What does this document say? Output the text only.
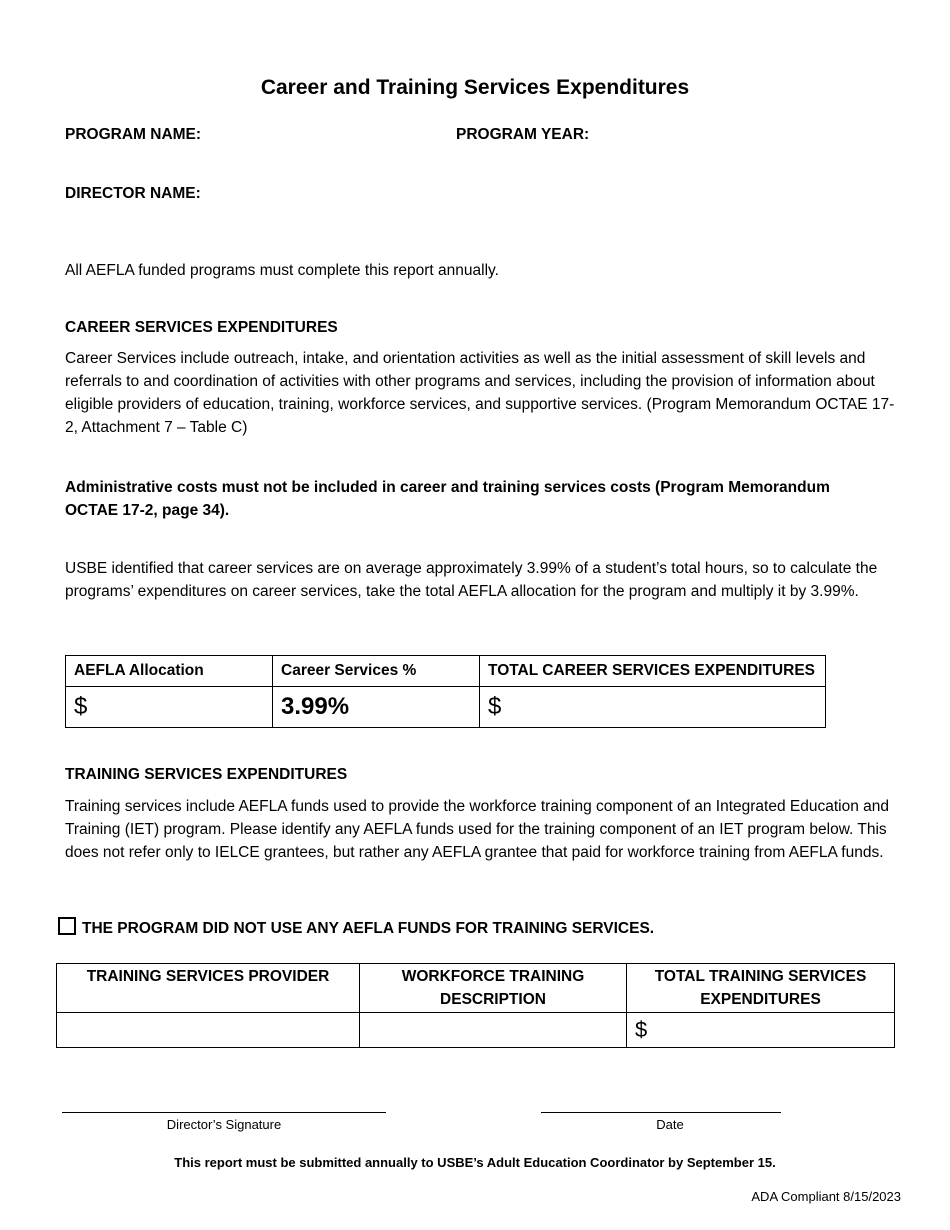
Career and Training Services Expenditures
PROGRAM NAME:	PROGRAM YEAR:
DIRECTOR NAME:
All AEFLA funded programs must complete this report annually.
CAREER SERVICES EXPENDITURES
Career Services include outreach, intake, and orientation activities as well as the initial assessment of skill levels and referrals to and coordination of activities with other programs and services, including the provision of information about eligible providers of education, training, workforce services, and supportive services. (Program Memorandum OCTAE 17-2, Attachment 7 – Table C)
Administrative costs must not be included in career and training services costs (Program Memorandum OCTAE 17-2, page 34).
USBE identified that career services are on average approximately 3.99% of a student’s total hours, so to calculate the programs’ expenditures on career services, take the total AEFLA allocation for the program and multiply it by 3.99%.
AEFLA Allocation	Career Services %	TOTAL CAREER SERVICES EXPENDITURES
$	3.99%	$
TRAINING SERVICES EXPENDITURES
Training services include AEFLA funds used to provide the workforce training component of an Integrated Education and Training (IET) program. Please identify any AEFLA funds used for the training component of an IET program below. This does not refer only to IELCE grantees, but rather any AEFLA grantee that paid for workforce training from AEFLA funds.
THE PROGRAM DID NOT USE ANY AEFLA FUNDS FOR TRAINING SERVICES.
TRAINING SERVICES PROVIDER	WORKFORCE TRAINING DESCRIPTION	TOTAL TRAINING SERVICES EXPENDITURES
		$
Director’s Signature	Date
This report must be submitted annually to USBE’s Adult Education Coordinator by September 15.
ADA Compliant 8/15/2023
